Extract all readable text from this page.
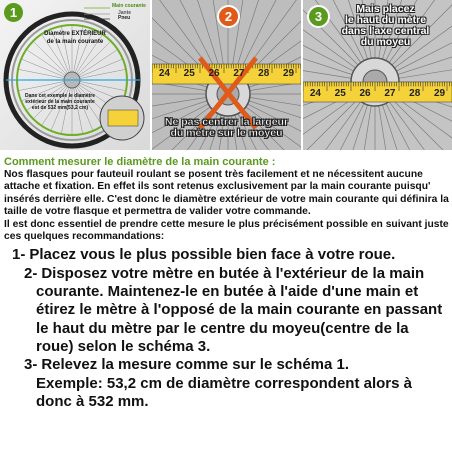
1	Main courante
Jante
Pneu
Diamètre EXTÉRIEUR
de la main courante
Dans cet exemple le diamètre
extérieur de la main courante
est de 532 mm(53,2 cm)
2
24	25	26	27	28	29
Ne pas centrer la largeur
du mètre sur le moyeu
3	Mais placez
le haut du mètre
dans l'axe central
du moyeu
24	25	26	27	28	29
Comment mesurer le diamètre de la main courante :
Nos flasques pour fauteuil roulant se posent très facilement et ne nécessitent aucune attache et fixation. En effet ils sont retenus exclusivement par la main courante puisqu' insérés derrière elle. C'est donc le diamètre extérieur de votre main courante qui définira la taille de votre flasque et permettra de valider votre commande.
Il est donc essentiel de prendre cette mesure le plus précisément possible en suivant juste ces quelques recommandations:
1- Placez vous le plus possible bien face à votre roue.
2- Disposez votre mètre en butée à l'extérieur de la main courante. Maintenez-le en butée à l'aide d'une main et étirez le mètre à l'opposé de la main courante en passant le haut du mètre par le centre du moyeu(centre de la roue) selon le schéma 3.
3- Relevez la mesure comme sur le schéma 1.
Exemple: 53,2 cm de diamètre correspondent alors à donc à 532 mm.
